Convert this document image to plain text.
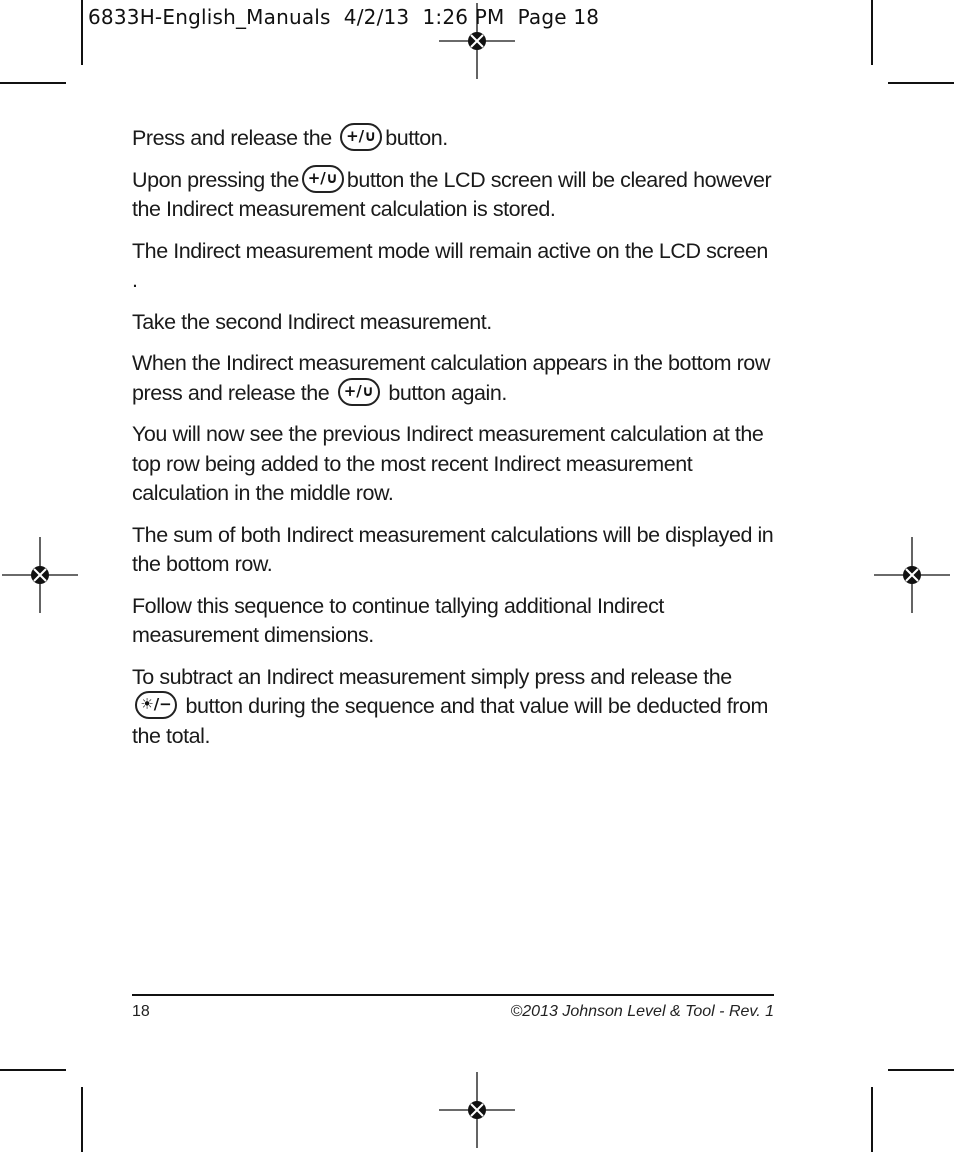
6833H-English_Manuals  4/2/13  1:26 PM  Page 18

Press and release the +/∪ button.

Upon pressing the +/∪ button the LCD screen will be cleared however the Indirect measurement calculation is stored.

The Indirect measurement mode will remain active on the LCD screen .

Take the second Indirect measurement.

When the Indirect measurement calculation appears in the bottom row press and release the +/∪ button again.

You will now see the previous Indirect measurement calculation at the top row being added to the most recent Indirect measurement calculation in the middle row.

The sum of both Indirect measurement calculations will be displayed in the bottom row.

Follow this sequence to continue tallying additional Indirect measurement dimensions.

To subtract an Indirect measurement simply press and release the ☀/− button during the sequence and that value will be deducted from the total.

18	©2013 Johnson Level & Tool - Rev. 1
